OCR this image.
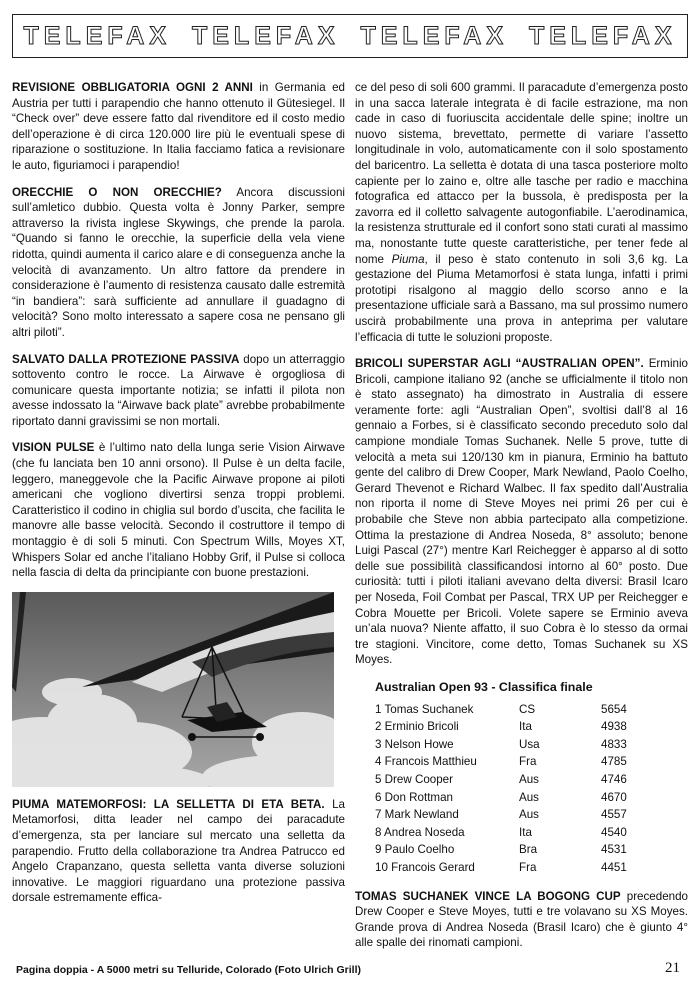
TELEFAX TELEFAX TELEFAX TELEFAX

REVISIONE OBBLIGATORIA OGNI 2 ANNI in Germania ed Austria per tutti i parapendio che hanno ottenuto il Gütesiegel. Il “Check over” deve essere fatto dal rivenditore ed il costo medio dell’operazione è di circa 120.000 lire più le eventuali spese di riparazione o sostituzione. In Italia facciamo fatica a revisionare le auto, figuriamoci i parapendio!

ORECCHIE O NON ORECCHIE? Ancora discussioni sull’amletico dubbio. Questa volta è Jonny Parker, sempre attraverso la rivista inglese Skywings, che prende la parola. “Quando si fanno le orecchie, la superficie della vela viene ridotta, quindi aumenta il carico alare e di conseguenza anche la velocità di avanzamento. Un altro fattore da prendere in considerazione è l’aumento di resistenza causato dalle estremità “in bandiera”: sarà sufficiente ad annullare il guadagno di velocità? Sono molto interessato a sapere cosa ne pensano gli altri piloti”.

SALVATO DALLA PROTEZIONE PASSIVA dopo un atterraggio sottovento contro le rocce. La Airwave è orgogliosa di comunicare questa importante notizia; se infatti il pilota non avesse indossato la “Airwave back plate” avrebbe probabilmente riportato danni gravissimi se non mortali.

VISION PULSE è l’ultimo nato della lunga serie Vision Airwave (che fu lanciata ben 10 anni orsono). Il Pulse è un delta facile, leggero, maneggevole che la Pacific Airwave propone ai piloti americani che vogliono divertirsi senza troppi problemi. Caratteristico il codino in chiglia sul bordo d’uscita, che facilita le manovre alle basse velocità. Secondo il costruttore il tempo di montaggio è di soli 5 minuti. Con Spectrum Wills, Moyes XT, Whispers Solar ed anche l’italiano Hobby Grif, il Pulse si colloca nella fascia di delta da principiante con buone prestazioni.

PIUMA MATEMORFOSI: LA SELLETTA DI ETA BETA. La Metamorfosi, ditta leader nel campo dei paracadute d’emergenza, sta per lanciare sul mercato una selletta da parapendio. Frutto della collaborazione tra Andrea Patrucco ed Angelo Crapanzano, questa selletta vanta diverse soluzioni innovative. Le maggiori riguardano una protezione passiva dorsale estremamente effica-

ce del peso di soli 600 grammi. Il paracadute d’emergenza posto in una sacca laterale integrata è di facile estrazione, ma non cade in caso di fuoriuscita accidentale delle spine; inoltre un nuovo sistema, brevettato, permette di variare l’assetto longitudinale in volo, automaticamente con il solo spostamento del baricentro. La selletta è dotata di una tasca posteriore molto capiente per lo zaino e, oltre alle tasche per radio e macchina fotografica ed attacco per la bussola, è predisposta per la zavorra ed il colletto salvagente autogonfiabile. L’aerodinamica, la resistenza strutturale ed il confort sono stati curati al massimo ma, nonostante tutte queste caratteristiche, per tener fede al nome Piuma, il peso è stato contenuto in soli 3,6 kg. La gestazione del Piuma Metamorfosi è stata lunga, infatti i primi prototipi risalgono al maggio dello scorso anno e la presentazione ufficiale sarà a Bassano, ma sul prossimo numero uscirà probabilmente una prova in anteprima per valutare l’efficacia di tutte le soluzioni proposte.

BRICOLI SUPERSTAR AGLI “AUSTRALIAN OPEN”. Erminio Bricoli, campione italiano 92 (anche se ufficialmente il titolo non è stato assegnato) ha dimostrato in Australia di essere veramente forte: agli “Australian Open”, svoltisi dall’8 al 16 gennaio a Forbes, si è classificato secondo preceduto solo dal campione mondiale Tomas Suchanek. Nelle 5 prove, tutte di velocità a meta sui 120/130 km in pianura, Erminio ha battuto gente del calibro di Drew Cooper, Mark Newland, Paolo Coelho, Gerard Thevenot e Richard Walbec. Il fax spedito dall’Australia non riporta il nome di Steve Moyes nei primi 26 per cui è probabile che Steve non abbia partecipato alla competizione. Ottima la prestazione di Andrea Noseda, 8° assoluto; benone Luigi Pascal (27°) mentre Karl Reichegger è apparso al di sotto delle sue possibilità classificandosi intorno al 60° posto. Due curiosità: tutti i piloti italiani avevano delta diversi: Brasil Icaro per Noseda, Foil Combat per Pascal, TRX UP per Reichegger e Cobra Mouette per Bricoli. Volete sapere se Erminio aveva un’ala nuova? Niente affatto, il suo Cobra è lo stesso da ormai tre stagioni. Vincitore, come detto, Tomas Suchanek su XS Moyes.

Australian Open 93 - Classifica finale
1 Tomas Suchanek	CS	5654
2 Erminio Bricoli	Ita	4938
3 Nelson Howe	Usa	4833
4 Francois Matthieu	Fra	4785
5 Drew Cooper	Aus	4746
6 Don Rottman	Aus	4670
7 Mark Newland	Aus	4557
8 Andrea Noseda	Ita	4540
9 Paulo Coelho	Bra	4531
10 Francois Gerard	Fra	4451

TOMAS SUCHANEK VINCE LA BOGONG CUP precedendo Drew Cooper e Steve Moyes, tutti e tre volavano su XS Moyes. Grande prova di Andrea Noseda (Brasil Icaro) che è giunto 4° alle spalle dei rinomati campioni.

Pagina doppia - A 5000 metri su Telluride, Colorado (Foto Ulrich Grill)	21
